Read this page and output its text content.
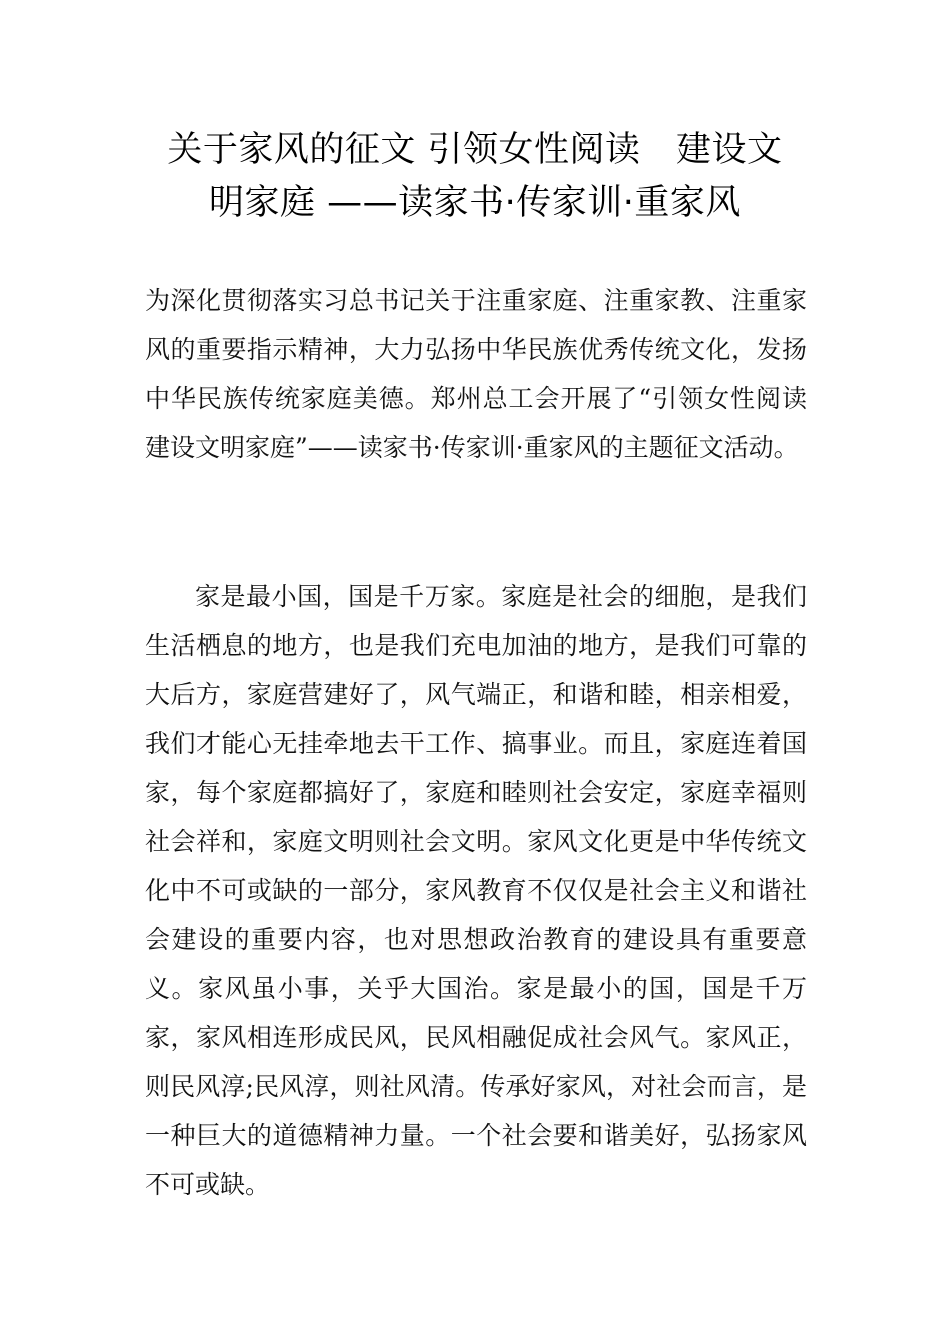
关于家风的征文 引领女性阅读　建设文明家庭 ——读家书·传家训·重家风

为深化贯彻落实习总书记关于注重家庭、注重家教、注重家风的重要指示精神，大力弘扬中华民族优秀传统文化，发扬中华民族传统家庭美德。郑州总工会开展了“引领女性阅读　　建设文明家庭”——读家书·传家训·重家风的主题征文活动。

家是最小国，国是千万家。家庭是社会的细胞，是我们生活栖息的地方，也是我们充电加油的地方，是我们可靠的大后方，家庭营建好了，风气端正，和谐和睦，相亲相爱，我们才能心无挂牵地去干工作、搞事业。而且，家庭连着国家，每个家庭都搞好了，家庭和睦则社会安定，家庭幸福则社会祥和，家庭文明则社会文明。家风文化更是中华传统文化中不可或缺的一部分，家风教育不仅仅是社会主义和谐社会建设的重要内容，也对思想政治教育的建设具有重要意义。家风虽小事，关乎大国治。家是最小的国，国是千万家，家风相连形成民风，民风相融促成社会风气。家风正，则民风淳;民风淳，则社风清。传承好家风，对社会而言，是一种巨大的道德精神力量。一个社会要和谐美好，弘扬家风不可或缺。
